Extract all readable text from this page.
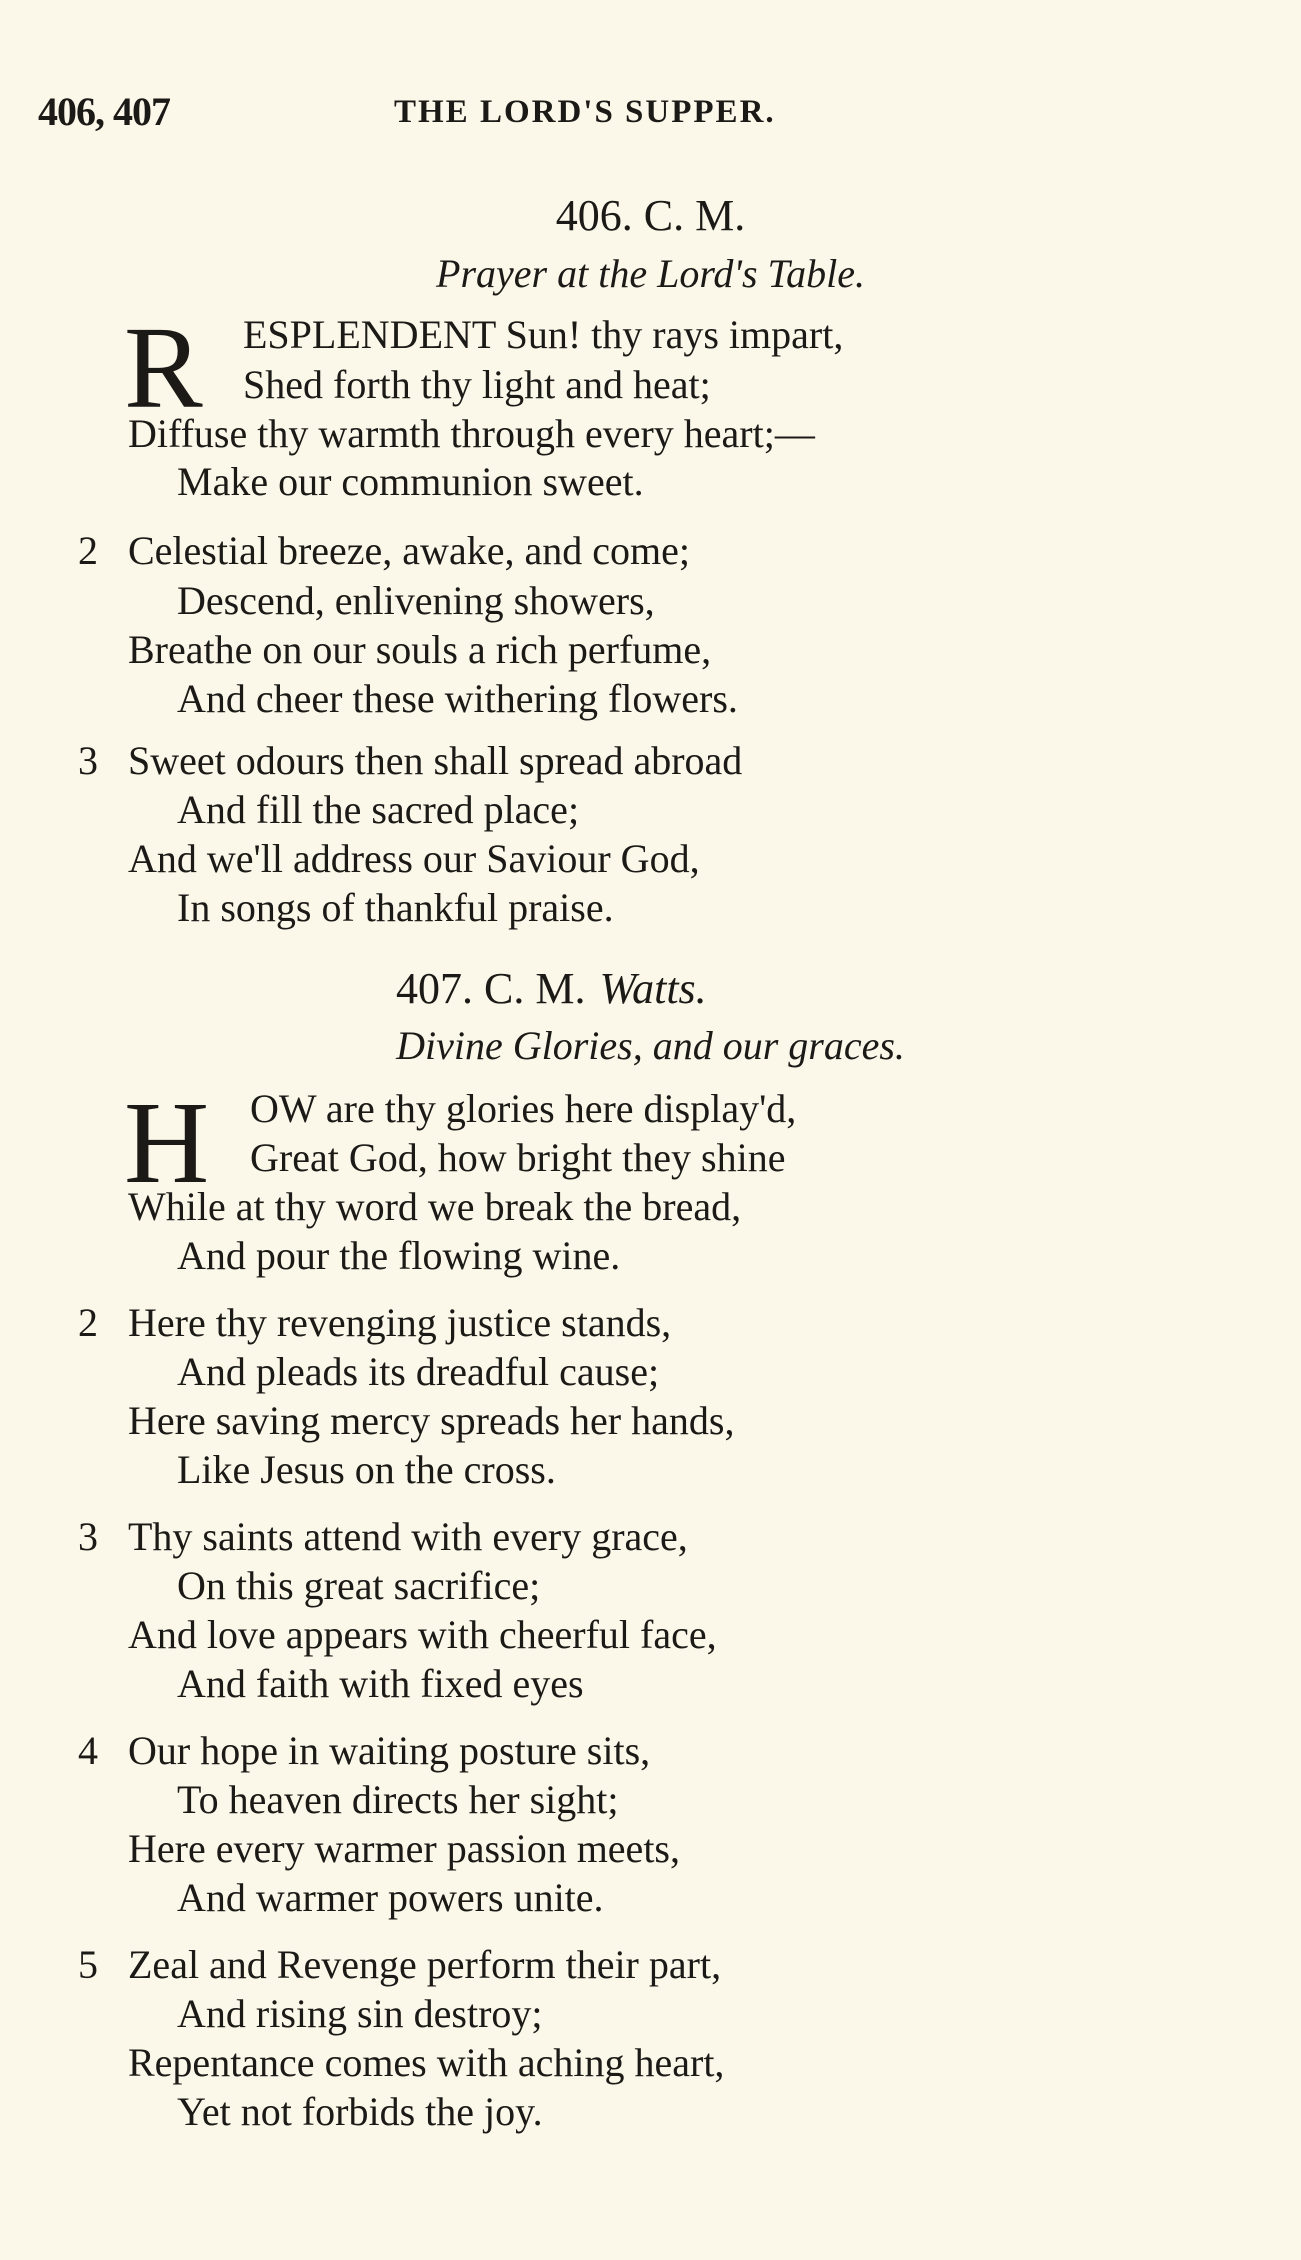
406, 407	THE LORD'S SUPPER.
406. C. M.
Prayer at the Lord's Table.
R ESPLENDENT Sun! thy rays impart,
Shed forth thy light and heat;
Diffuse thy warmth through every heart;—
Make our communion sweet.
2 Celestial breeze, awake, and come;
Descend, enlivening showers,
Breathe on our souls a rich perfume,
And cheer these withering flowers.
3 Sweet odours then shall spread abroad
And fill the sacred place;
And we'll address our Saviour God,
In songs of thankful praise.
407. C. M. Watts.
Divine Glories, and our graces.
H OW are thy glories here display'd,
Great God, how bright they shine
While at thy word we break the bread,
And pour the flowing wine.
2 Here thy revenging justice stands,
And pleads its dreadful cause;
Here saving mercy spreads her hands,
Like Jesus on the cross.
3 Thy saints attend with every grace,
On this great sacrifice;
And love appears with cheerful face,
And faith with fixed eyes
4 Our hope in waiting posture sits,
To heaven directs her sight;
Here every warmer passion meets,
And warmer powers unite.
5 Zeal and Revenge perform their part,
And rising sin destroy;
Repentance comes with aching heart,
Yet not forbids the joy.
